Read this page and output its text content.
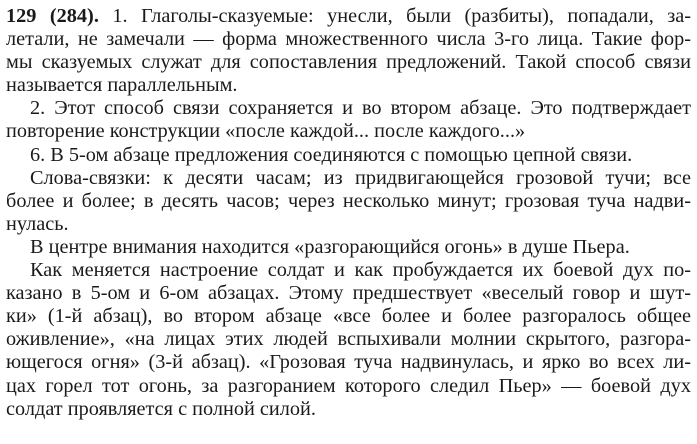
129 (284). 1. Глаголы-сказуемые: унесли, были (разбиты), попадали, за-
летали, не замечали — форма множественного числа 3-го лица. Такие фор-
мы сказуемых служат для сопоставления предложений. Такой способ связи
называется параллельным.
2. Этот способ связи сохраняется и во втором абзаце. Это подтверждает
повторение конструкции «после каждой... после каждого...»
6. В 5-ом абзаце предложения соединяются с помощью цепной связи.
Слова-связки: к десяти часам; из придвигающейся грозовой тучи; все
более и более; в десять часов; через несколько минут; грозовая туча надви-
нулась.
В центре внимания находится «разгорающийся огонь» в душе Пьера.
Как меняется настроение солдат и как пробуждается их боевой дух по-
казано в 5-ом и 6-ом абзацах. Этому предшествует «веселый говор и шут-
ки» (1-й абзац), во втором абзаце «все более и более разгоралось общее
оживление», «на лицах этих людей вспыхивали молнии скрытого, разгора-
ющегося огня» (3-й абзац). «Грозовая туча надвинулась, и ярко во всех ли-
цах горел тот огонь, за разгоранием которого следил Пьер» — боевой дух
солдат проявляется с полной силой.
